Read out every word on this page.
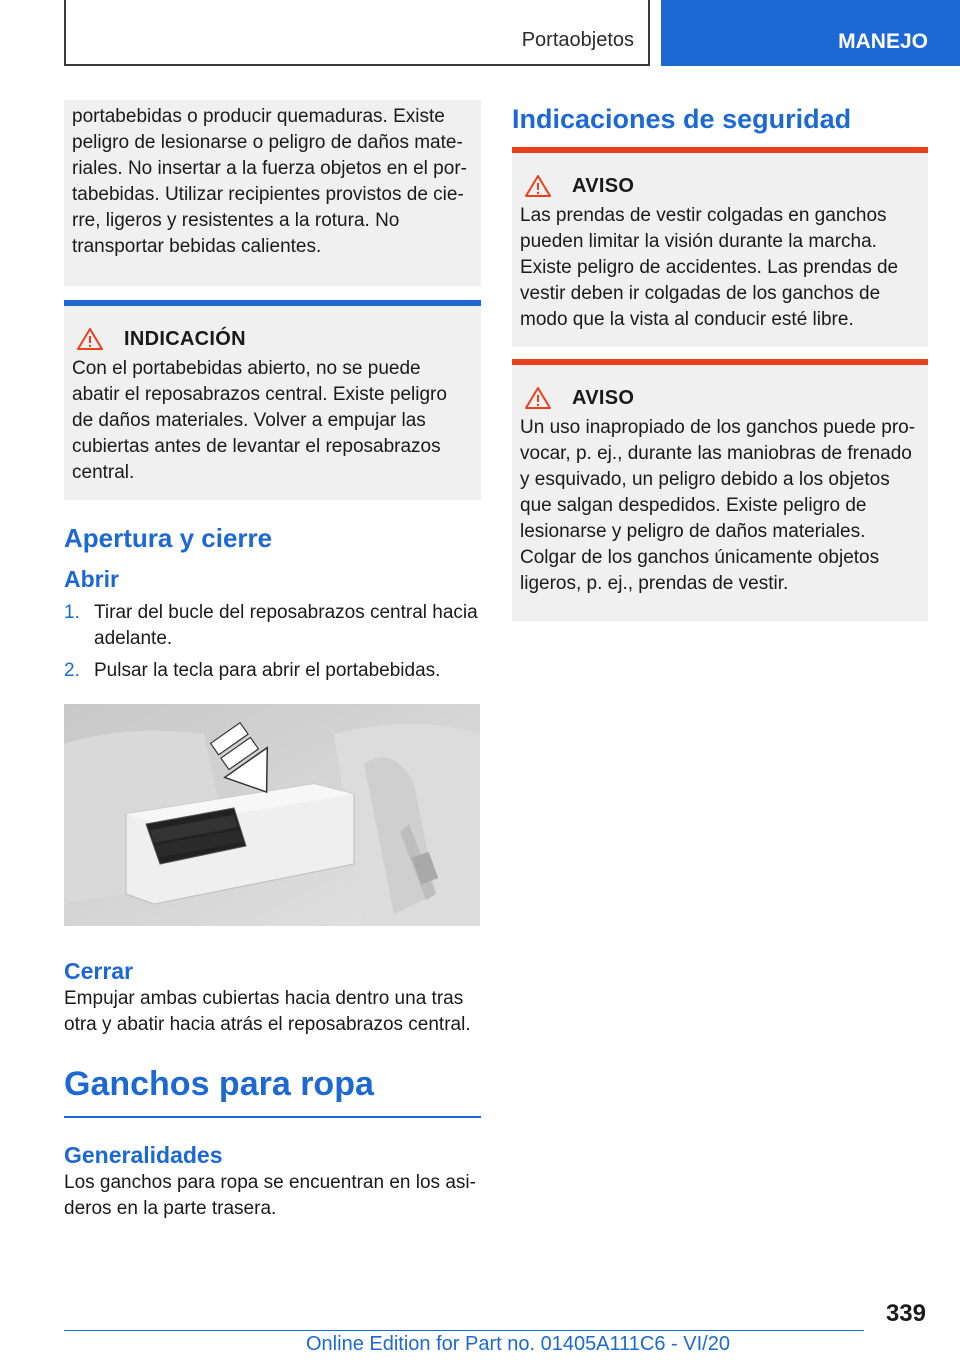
Portaobjetos	MANEJO

portabebidas o producir quemaduras. Existe peligro de lesionarse o peligro de daños mate-riales. No insertar a la fuerza objetos en el por-tabebidas. Utilizar recipientes provistos de cie-rre, ligeros y resistentes a la rotura. No transportar bebidas calientes.

INDICACIÓN

Con el portabebidas abierto, no se puede abatir el reposabrazos central. Existe peligro de daños materiales. Volver a empujar las cubiertas antes de levantar el reposabrazos central.

Apertura y cierre
Abrir
1. Tirar del bucle del reposabrazos central hacia adelante.
2. Pulsar la tecla para abrir el portabebidas.
Cerrar

Empujar ambas cubiertas hacia dentro una tras otra y abatir hacia atrás el reposabrazos central.

Ganchos para ropa
Generalidades

Los ganchos para ropa se encuentran en los asi-deros en la parte trasera.

Indicaciones de seguridad
AVISO

Las prendas de vestir colgadas en ganchos pueden limitar la visión durante la marcha. Existe peligro de accidentes. Las prendas de vestir deben ir colgadas de los ganchos de modo que la vista al conducir esté libre.

AVISO

Un uso inapropiado de los ganchos puede pro-vocar, p. ej., durante las maniobras de frenado y esquivado, un peligro debido a los objetos que salgan despedidos. Existe peligro de lesionarse y peligro de daños materiales. Colgar de los ganchos únicamente objetos ligeros, p. ej., prendas de vestir.

339
Online Edition for Part no. 01405A111C6 - VI/20
